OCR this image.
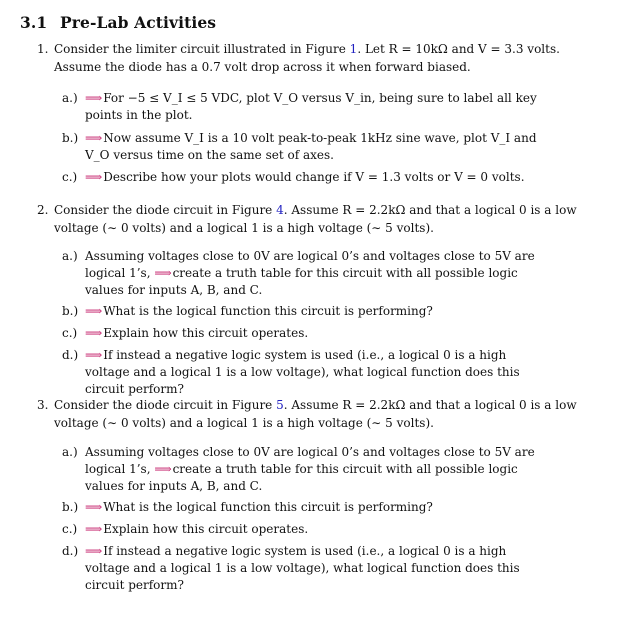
3.1 Pre-Lab Activities
1. Consider the limiter circuit illustrated in Figure 1. Let R = 10kΩ and V = 3.3 volts. Assume the diode has a 0.7 volt drop across it when forward biased.
a.) ⟹For −5 ≤ V_I ≤ 5 VDC, plot V_O versus V_in, being sure to label all key points in the plot.
b.) ⟹Now assume V_I is a 10 volt peak-to-peak 1kHz sine wave, plot V_I and V_O versus time on the same set of axes.
c.) ⟹Describe how your plots would change if V = 1.3 volts or V = 0 volts.
2. Consider the diode circuit in Figure 4. Assume R = 2.2kΩ and that a logical 0 is a low voltage (∼ 0 volts) and a logical 1 is a high voltage (∼ 5 volts).
a.) Assuming voltages close to 0V are logical 0’s and voltages close to 5V are logical 1’s, ⟹create a truth table for this circuit with all possible logic values for inputs A, B, and C.
b.) ⟹What is the logical function this circuit is performing?
c.) ⟹Explain how this circuit operates.
d.) ⟹If instead a negative logic system is used (i.e., a logical 0 is a high voltage and a logical 1 is a low voltage), what logical function does this circuit perform?
3. Consider the diode circuit in Figure 5. Assume R = 2.2kΩ and that a logical 0 is a low voltage (∼ 0 volts) and a logical 1 is a high voltage (∼ 5 volts).
a.) Assuming voltages close to 0V are logical 0’s and voltages close to 5V are logical 1’s, ⟹create a truth table for this circuit with all possible logic values for inputs A, B, and C.
b.) ⟹What is the logical function this circuit is performing?
c.) ⟹Explain how this circuit operates.
d.) ⟹If instead a negative logic system is used (i.e., a logical 0 is a high voltage and a logical 1 is a low voltage), what logical function does this circuit perform?
